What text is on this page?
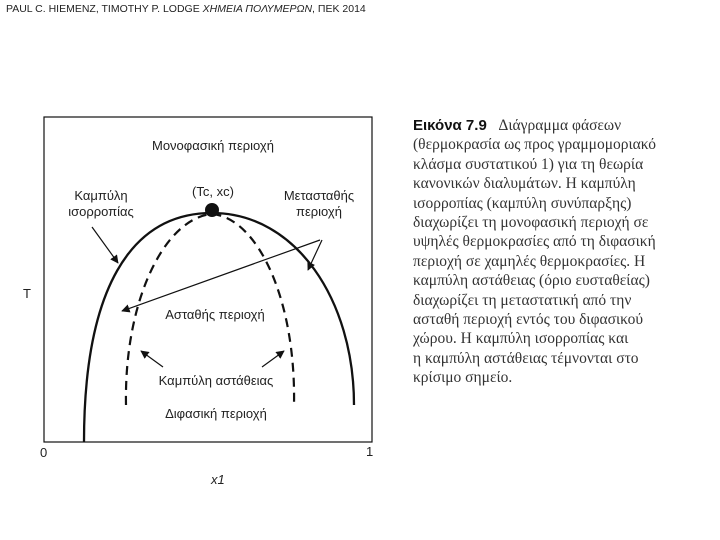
PAUL C. HIEMENZ, TIMOTHY P. LODGE ΧΗΜΕΙΑ ΠΟΛΥΜΕΡΩΝ, ΠΕΚ 2014
Μονοφασική περιοχή
Καμπύλη
ισορροπίας
(Tc, xc)	Μετασταθής
περιοχή
T
Ασταθής περιοχή
Καμπύλη αστάθειας
Διφασική περιοχή
0	1
x1
Εικόνα 7.9 Διάγραμμα φάσεων
(θερμοκρασία ως προς γραμμομοριακό
κλάσμα συστατικού 1) για τη θεωρία
κανονικών διαλυμάτων. Η καμπύλη
ισορροπίας (καμπύλη συνύπαρξης)
διαχωρίζει τη μονοφασική περιοχή σε
υψηλές θερμοκρασίες από τη διφασική
περιοχή σε χαμηλές θερμοκρασίες. Η
καμπύλη αστάθειας (όριο ευσταθείας)
διαχωρίζει τη μεταστατική από την
ασταθή περιοχή εντός του διφασικού
χώρου. Η καμπύλη ισορροπίας και
η καμπύλη αστάθειας τέμνονται στο
κρίσιμο σημείο.
